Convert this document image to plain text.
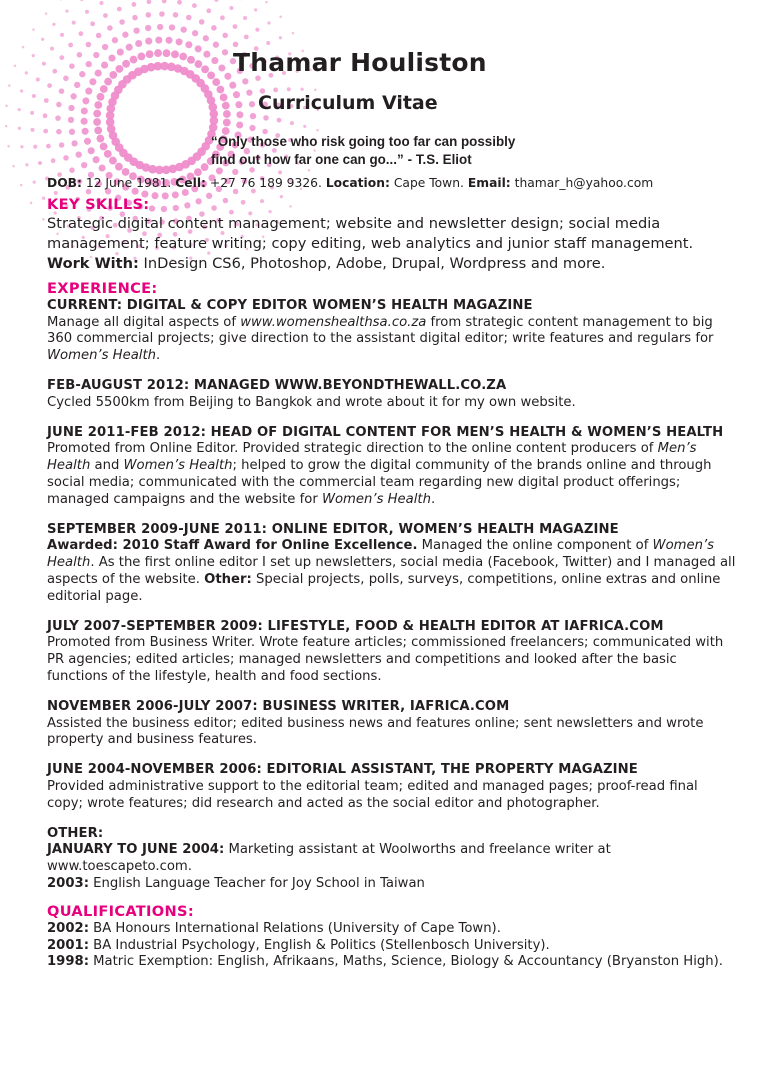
Thamar Houliston
Curriculum Vitae
“Only those who risk going too far can possibly
find out how far one can go...” - T.S. Eliot

DOB: 12 June 1981. Cell: +27 76 189 9326. Location: Cape Town. Email: thamar_h@yahoo.com

KEY SKILLS:

Strategic digital content management; website and newsletter design; social media management; feature writing; copy editing, web analytics and junior staff management.

Work With: InDesign CS6, Photoshop, Adobe, Drupal, Wordpress and more.

EXPERIENCE:
CURRENT: DIGITAL & COPY EDITOR WOMEN’S HEALTH MAGAZINE

Manage all digital aspects of www.womenshealthsa.co.za from strategic content management to big 360 commercial projects; give direction to the assistant digital editor; write features and regulars for Women’s Health.

FEB-AUGUST 2012: MANAGED WWW.BEYONDTHEWALL.CO.ZA

Cycled 5500km from Beijing to Bangkok and wrote about it for my own website.

JUNE 2011-FEB 2012: HEAD OF DIGITAL CONTENT FOR MEN’S HEALTH & WOMEN’S HEALTH

Promoted from Online Editor. Provided strategic direction to the online content producers of Men’s Health and Women’s Health; helped to grow the digital community of the brands online and through social media; communicated with the commercial team regarding new digital product offerings; managed campaigns and the website for Women’s Health.

SEPTEMBER 2009-JUNE 2011: ONLINE EDITOR, WOMEN’S HEALTH MAGAZINE

Awarded: 2010 Staff Award for Online Excellence. Managed the online component of Women’s Health. As the first online editor I set up newsletters, social media (Facebook, Twitter) and I managed all aspects of the website. Other: Special projects, polls, surveys, competitions, online extras and online editorial page.

JULY 2007-SEPTEMBER 2009: LIFESTYLE, FOOD & HEALTH EDITOR AT IAFRICA.COM

Promoted from Business Writer. Wrote feature articles; commissioned freelancers; communicated with PR agencies; edited articles; managed newsletters and competitions and looked after the basic functions of the lifestyle, health and food sections.

NOVEMBER 2006-JULY 2007: BUSINESS WRITER, IAFRICA.COM

Assisted the business editor; edited business news and features online; sent newsletters and wrote property and business features.

JUNE 2004-NOVEMBER 2006: EDITORIAL ASSISTANT, THE PROPERTY MAGAZINE

Provided administrative support to the editorial team; edited and managed pages; proof-read final copy; wrote features; did research and acted as the social editor and photographer.

OTHER:

JANUARY TO JUNE 2004: Marketing assistant at Woolworths and freelance writer at www.toescapeto.com.

2003: English Language Teacher for Joy School in Taiwan

QUALIFICATIONS:

2002: BA Honours International Relations (University of Cape Town).

2001: BA Industrial Psychology, English & Politics (Stellenbosch University).

1998: Matric Exemption: English, Afrikaans, Maths, Science, Biology & Accountancy (Bryanston High).
